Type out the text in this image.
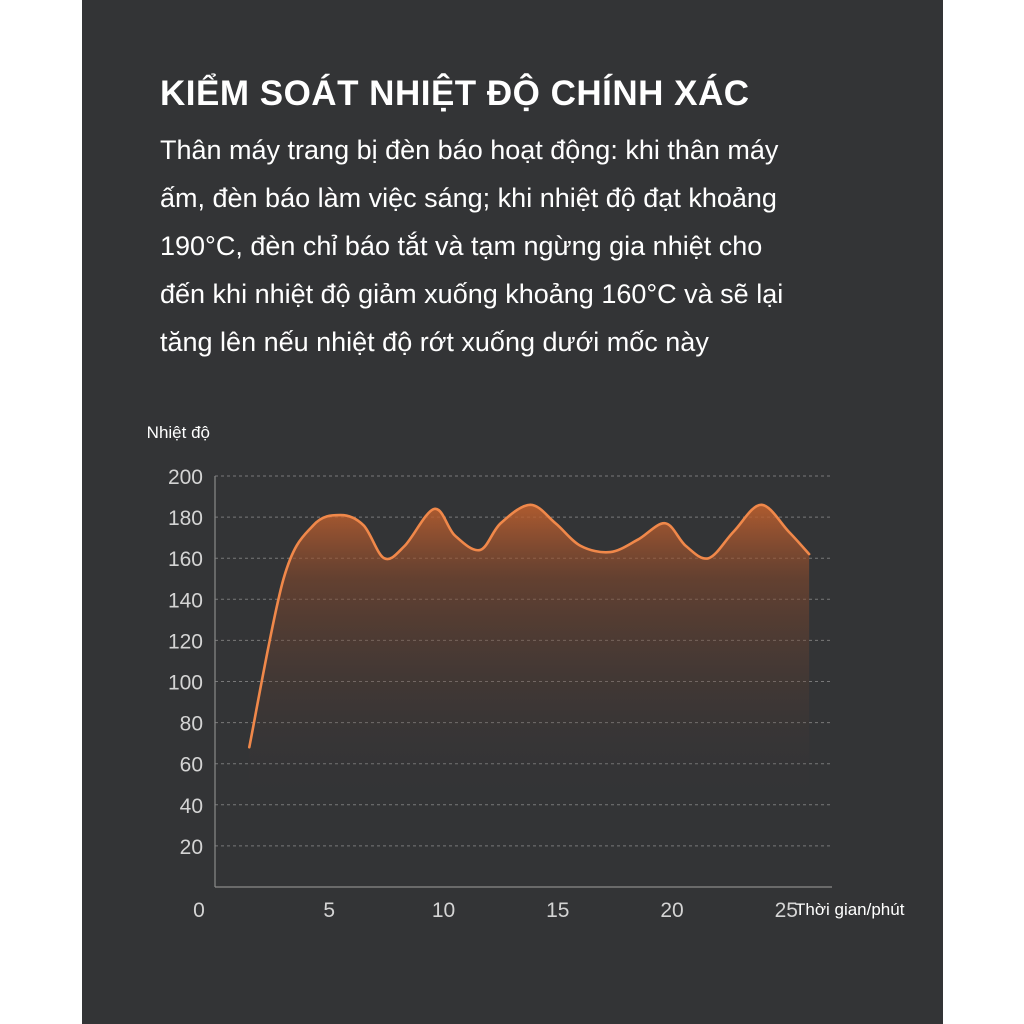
KIỂM SOÁT NHIỆT ĐỘ CHÍNH XÁC
Thân máy trang bị đèn báo hoạt động: khi thân máy
ấm, đèn báo làm việc sáng; khi nhiệt độ đạt khoảng
190°C, đèn chỉ báo tắt và tạm ngừng gia nhiệt cho
đến khi nhiệt độ giảm xuống khoảng 160°C và sẽ lại
tăng lên nếu nhiệt độ rớt xuống dưới mốc này
20
40
60
80
100
120
140
160
180
200
5	10	15	20	25
0
Nhiệt độ
Thời gian/phút
